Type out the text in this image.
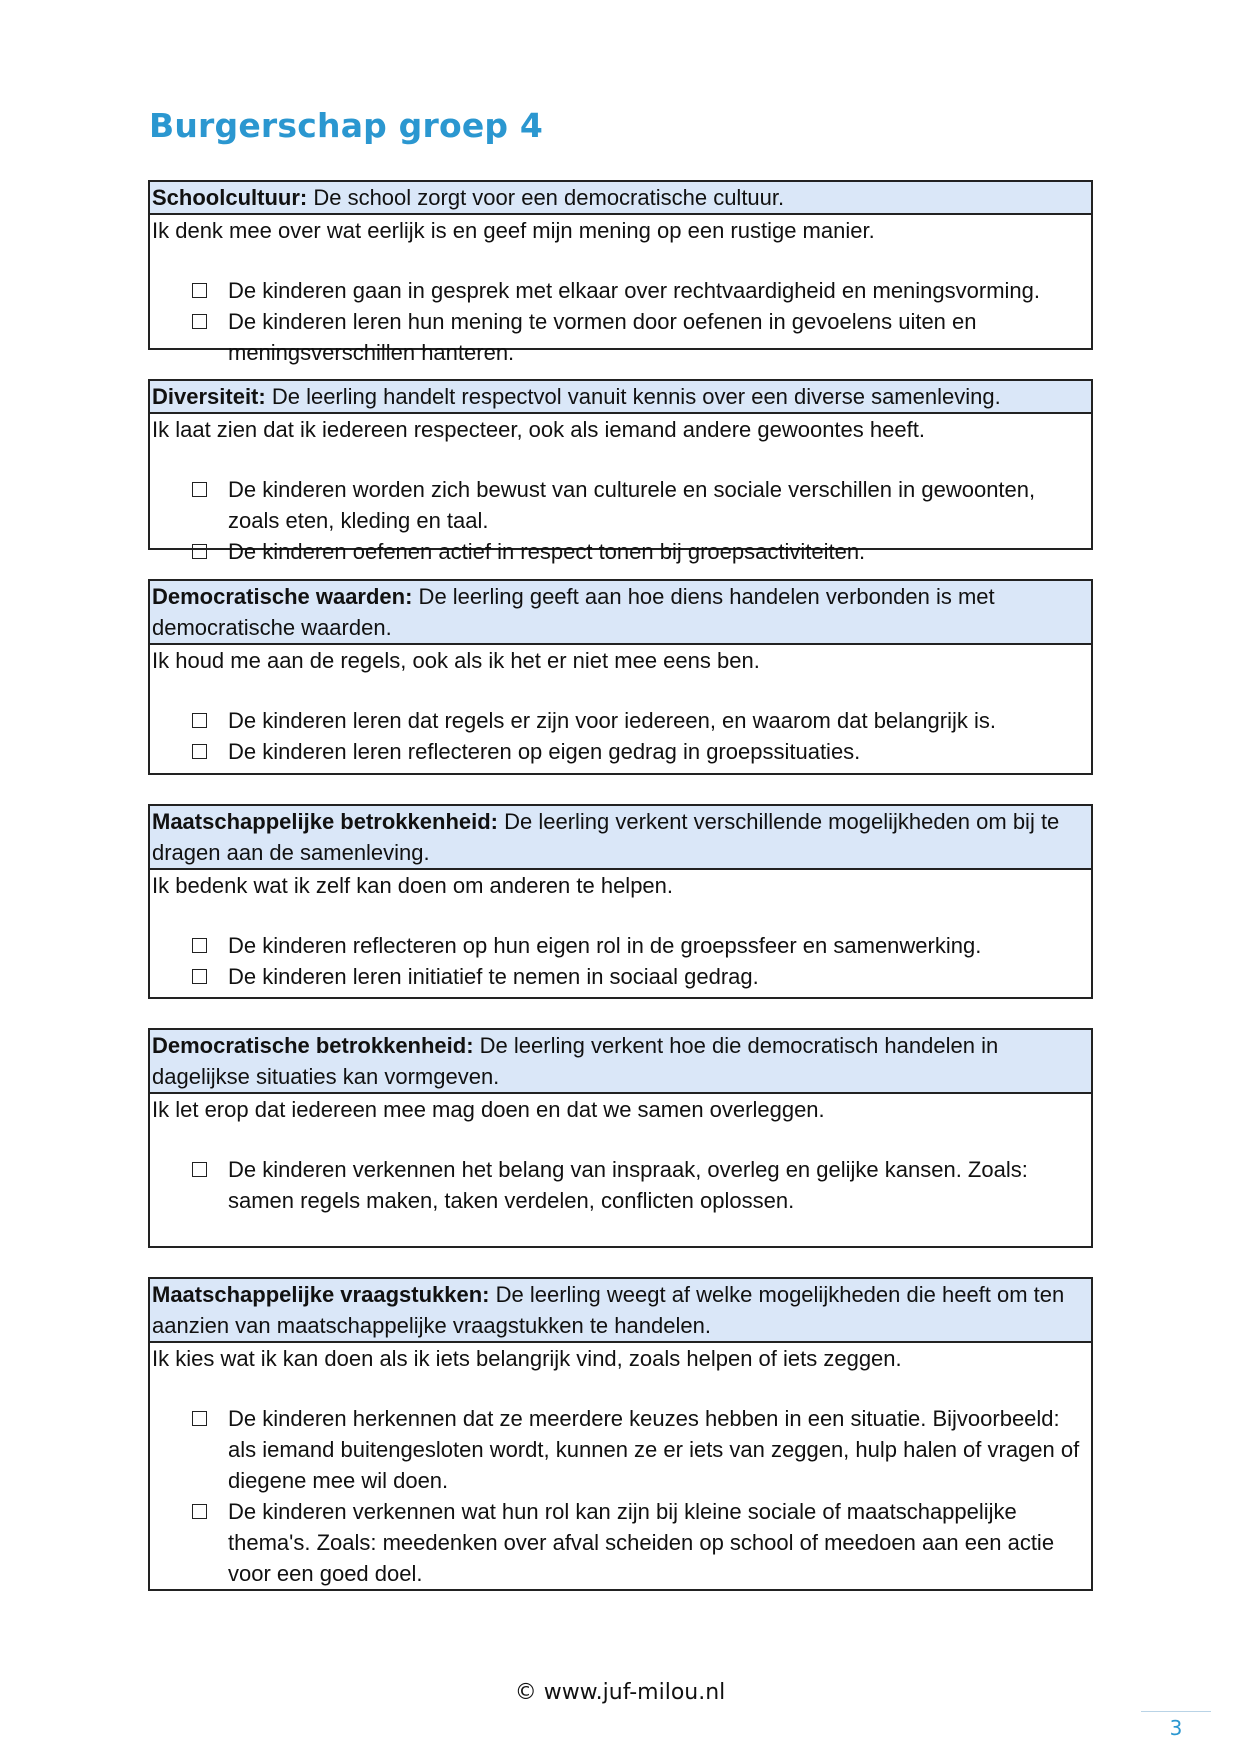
Burgerschap groep 4
Schoolcultuur: De school zorgt voor een democratische cultuur.

Ik denk mee over wat eerlijk is en geef mijn mening op een rustige manier.

De kinderen gaan in gesprek met elkaar over rechtvaardigheid en meningsvorming.
De kinderen leren hun mening te vormen door oefenen in gevoelens uiten en meningsverschillen hanteren.
Diversiteit: De leerling handelt respectvol vanuit kennis over een diverse samenleving.

Ik laat zien dat ik iedereen respecteer, ook als iemand andere gewoontes heeft.

De kinderen worden zich bewust van culturele en sociale verschillen in gewoonten, zoals eten, kleding en taal.
De kinderen oefenen actief in respect tonen bij groepsactiviteiten.
Democratische waarden: De leerling geeft aan hoe diens handelen verbonden is met democratische waarden.

Ik houd me aan de regels, ook als ik het er niet mee eens ben.

De kinderen leren dat regels er zijn voor iedereen, en waarom dat belangrijk is.
De kinderen leren reflecteren op eigen gedrag in groepssituaties.
Maatschappelijke betrokkenheid: De leerling verkent verschillende mogelijkheden om bij te dragen aan de samenleving.

Ik bedenk wat ik zelf kan doen om anderen te helpen.

De kinderen reflecteren op hun eigen rol in de groepssfeer en samenwerking.
De kinderen leren initiatief te nemen in sociaal gedrag.
Democratische betrokkenheid: De leerling verkent hoe die democratisch handelen in dagelijkse situaties kan vormgeven.

Ik let erop dat iedereen mee mag doen en dat we samen overleggen.

De kinderen verkennen het belang van inspraak, overleg en gelijke kansen. Zoals: samen regels maken, taken verdelen, conflicten oplossen.
Maatschappelijke vraagstukken: De leerling weegt af welke mogelijkheden die heeft om ten aanzien van maatschappelijke vraagstukken te handelen.

Ik kies wat ik kan doen als ik iets belangrijk vind, zoals helpen of iets zeggen.

De kinderen herkennen dat ze meerdere keuzes hebben in een situatie. Bijvoorbeeld: als iemand buitengesloten wordt, kunnen ze er iets van zeggen, hulp halen of vragen of diegene mee wil doen.
De kinderen verkennen wat hun rol kan zijn bij kleine sociale of maatschappelijke thema's. Zoals: meedenken over afval scheiden op school of meedoen aan een actie voor een goed doel.
© www.juf-milou.nl
3
